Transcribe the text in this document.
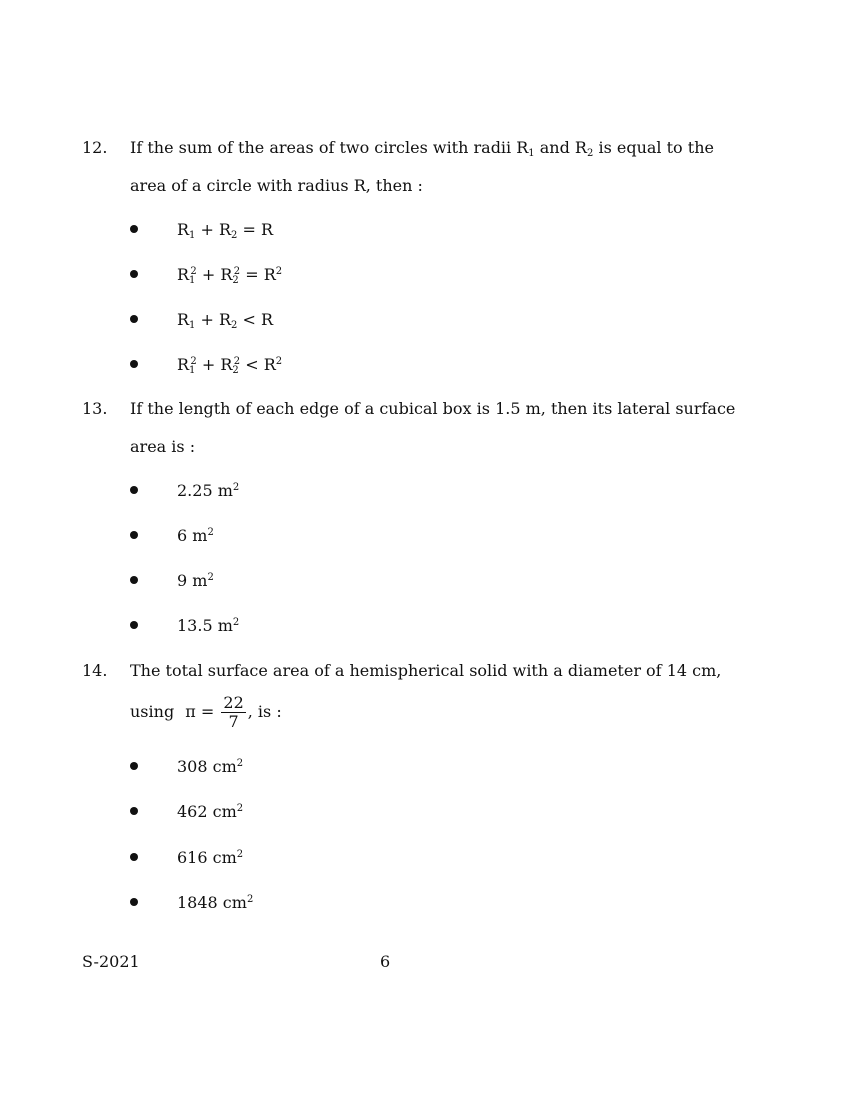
12. If the sum of the areas of two circles with radii $R_1$ and $R_2$ is equal to the
area of a circle with radius R, then :
$R_1 + R_2 = R$
$R_1^2 + R_2^2 = R^2$
$R_1 + R_2 < R$
$R_1^2 + R_2^2 < R^2$
13. If the length of each edge of a cubical box is 1.5 m, then its lateral surface
area is :
2.25 $m^2$
6 $m^2$
9 $m^2$
13.5 $m^2$
14. The total surface area of a hemispherical solid with a diameter of 14 cm,
using $\pi = \frac{22}{7}$ , is :
308 $cm^2$
462 $cm^2$
616 $cm^2$
1848 $cm^2$
S-2021	6
